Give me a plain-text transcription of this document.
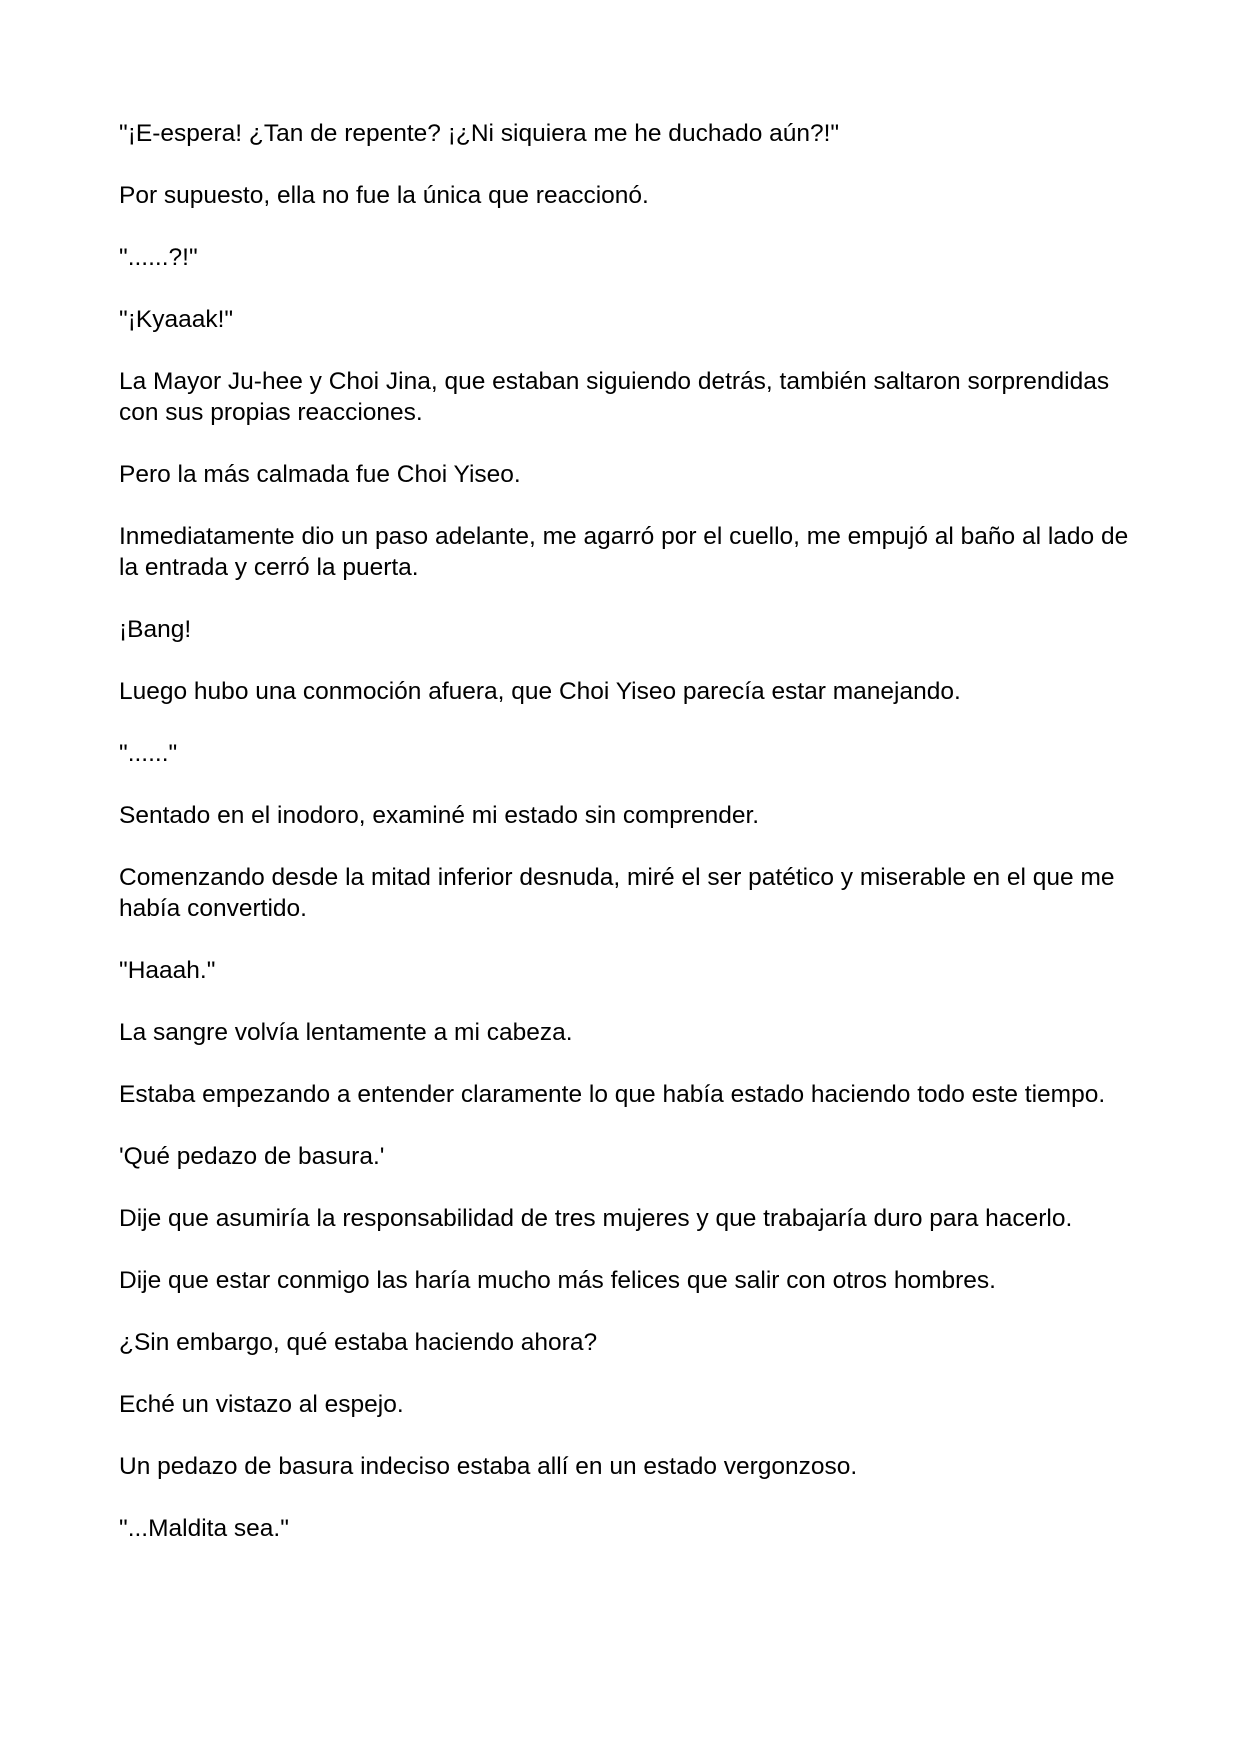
"¡E-espera! ¿Tan de repente? ¡¿Ni siquiera me he duchado aún?!"

Por supuesto, ella no fue la única que reaccionó.

"......?!"

"¡Kyaaak!"

La Mayor Ju-hee y Choi Jina, que estaban siguiendo detrás, también saltaron sorprendidas con sus propias reacciones.

Pero la más calmada fue Choi Yiseo.

Inmediatamente dio un paso adelante, me agarró por el cuello, me empujó al baño al lado de la entrada y cerró la puerta.

¡Bang!

Luego hubo una conmoción afuera, que Choi Yiseo parecía estar manejando.

"......"

Sentado en el inodoro, examiné mi estado sin comprender.

Comenzando desde la mitad inferior desnuda, miré el ser patético y miserable en el que me había convertido.

"Haaah."

La sangre volvía lentamente a mi cabeza.

Estaba empezando a entender claramente lo que había estado haciendo todo este tiempo.

'Qué pedazo de basura.'

Dije que asumiría la responsabilidad de tres mujeres y que trabajaría duro para hacerlo.

Dije que estar conmigo las haría mucho más felices que salir con otros hombres.

¿Sin embargo, qué estaba haciendo ahora?

Eché un vistazo al espejo.

Un pedazo de basura indeciso estaba allí en un estado vergonzoso.

"...Maldita sea."
